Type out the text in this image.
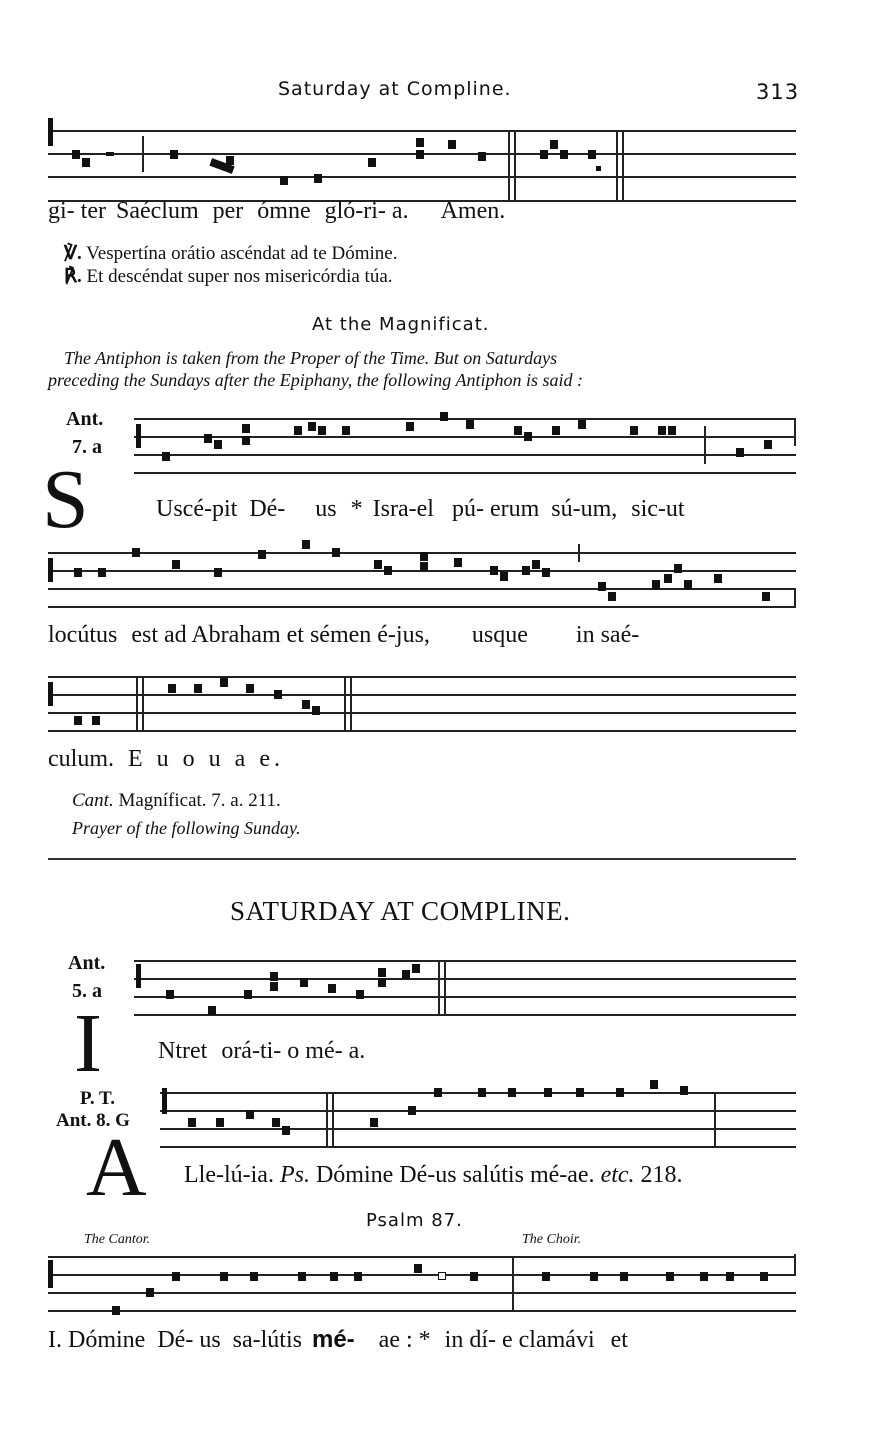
Saturday at Compline.	313
gi- ter Saéclum per ómne gló-ri- a. Amen.
℣. Vespertína orátio ascéndat ad te Dómine.
℟. Et descéndat super nos misericórdia túa.
At the Magnificat.
The Antiphon is taken from the Proper of the Time. But on Saturdays
preceding the Sundays after the Epiphany, the following Antiphon is said :
Ant.
7. a
S	Uscé-pit Dé- us * Isra-el pú- erum sú-um, sic-ut
locútus est ad Abraham et sémen é-jus, usque in saé-
culum. E u o u a e.
Cant. Magníficat. 7. a. 211.
Prayer of the following Sunday.
SATURDAY AT COMPLINE.
Ant.
5. a
I Ntret orá-ti- o mé- a.
P. T.
Ant. 8. G
A Lle-lú-ia. Ps. Dómine Dé-us salútis mé-ae. etc. 218.
Psalm 87.
The Cantor.	The Choir.
I. Dómine Dé- us sa-lútis mé- ae : * in dí- e clamávi et
